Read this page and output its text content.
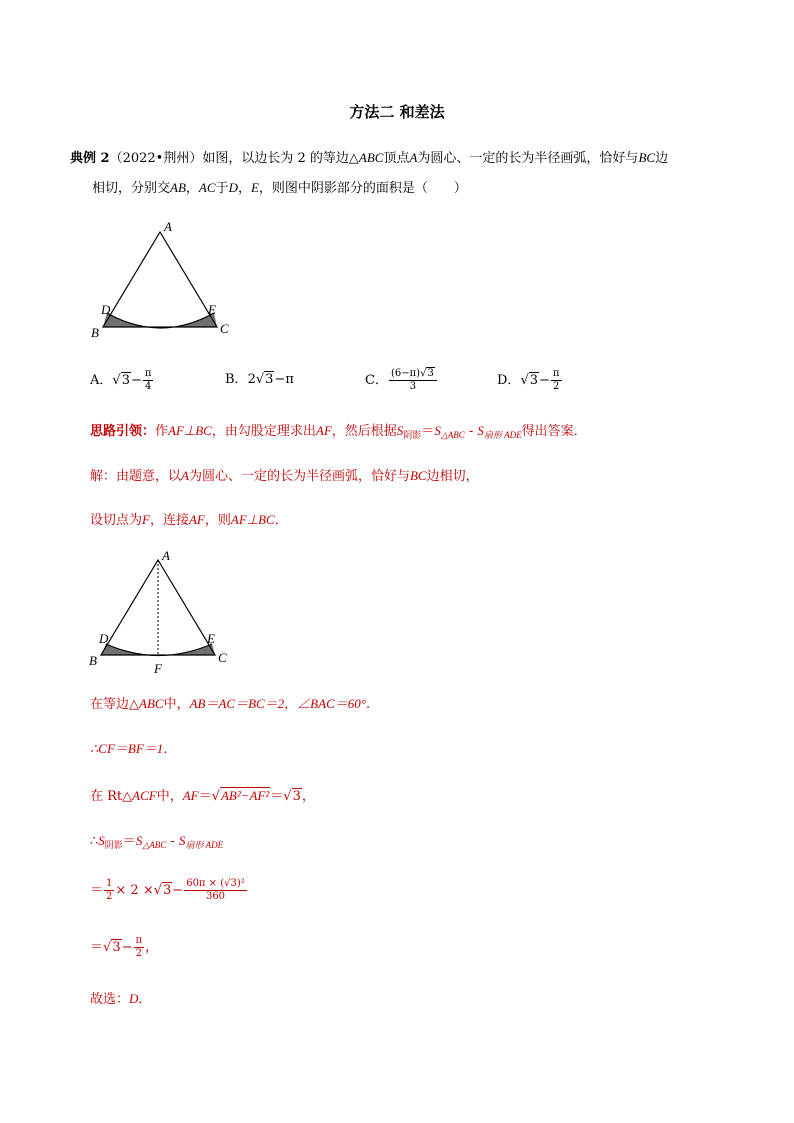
方法二 和差法
典例 2（2022•荆州）如图，以边长为 2 的等边△ABC顶点A为圆心、一定的长为半径画弧，恰好与BC边
相切，分别交AB，AC于D，E，则图中阴影部分的面积是（　　）
A
B	C
D	E
A．$√3- \frac{\pi}{4}$	B．2√3−π	C． $\frac{(6-\pi)√3}{3}$	D．$√3- \frac{\pi}{2}$
思路引领：作AF⊥BC，由勾股定理求出AF，然后根据$S_{阴影}=S_{\triangle ABC} - S_{扇形 ADE}$得出答案．
解：由题意，以A为圆心、一定的长为半径画弧，恰好与BC边相切，
设切点为F，连接AF，则AF⊥BC．
A
B	C
D	E
F
在等边△ABC中，AB＝AC＝BC＝2，∠BAC＝60°．
∴CF＝BF＝1．
在 Rt△ACF中，AF＝√AB²−AF²＝√3，
$\therefore S_{阴影}=S_{\triangle ABC} - S_{扇形 ADE}$
＝ $\frac{1}{2} \times 2 \times√3- \frac{\text{60π × (√3)²}}{360}$
$=√3- \frac{\pi}{2}$ ，
故选：D．
